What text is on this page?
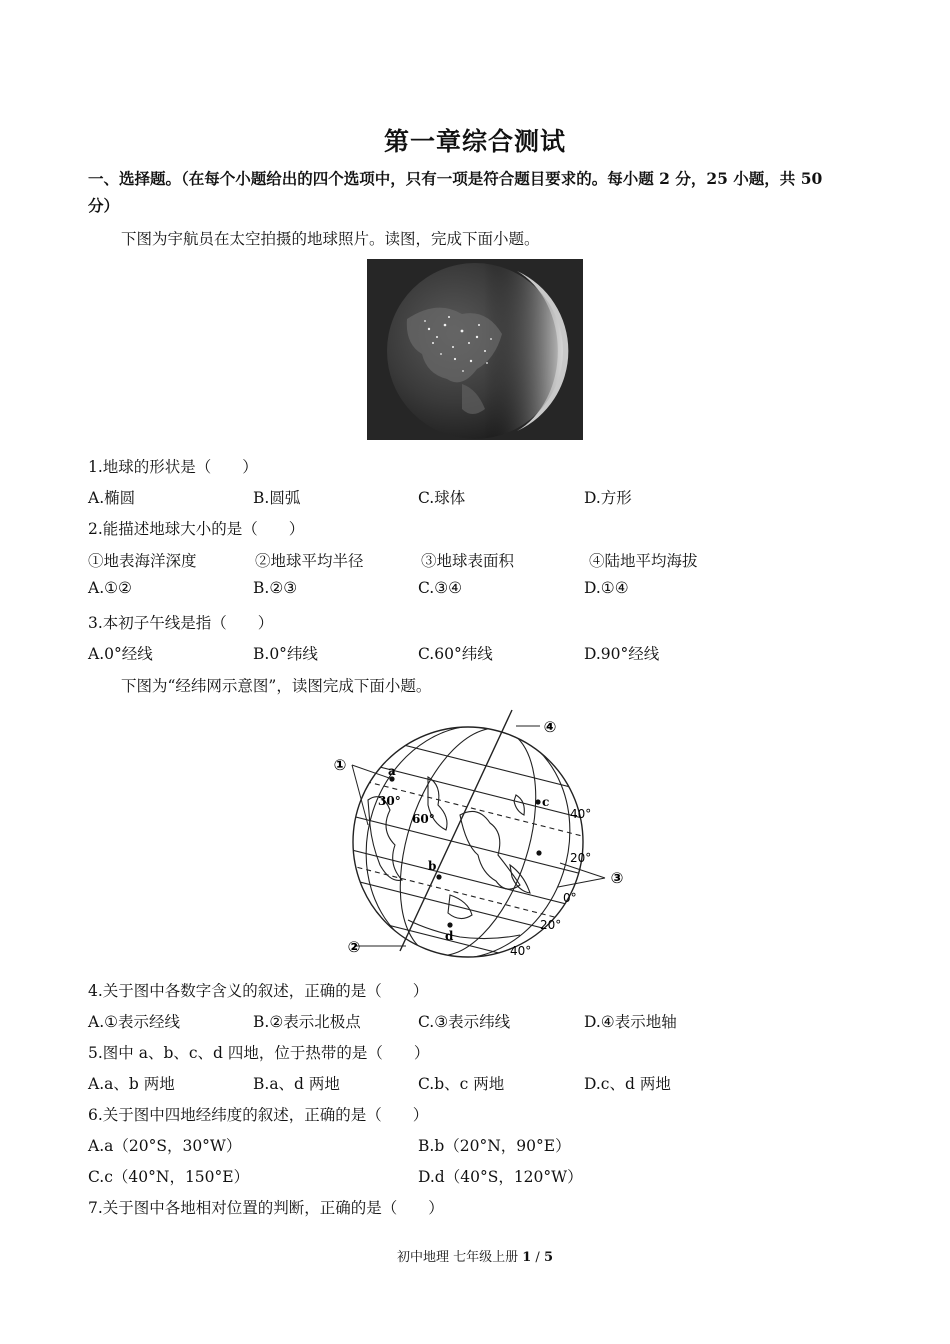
第一章综合测试
一、选择题。（在每个小题给出的四个选项中，只有一项是符合题目要求的。每小题 2 分，25 小题，共 50
分）
下图为宇航员在太空拍摄的地球照片。读图，完成下面小题。
1.地球的形状是（　　）
A.椭圆	B.圆弧	C.球体	D.方形
2.能描述地球大小的是（　　）
①地表海洋深度	②地球平均半径	③地球表面积	④陆地平均海拔
A.①②	B.②③	C.③④	D.①④
3.本初子午线是指（　　）
A.0°经线	B.0°纬线	C.60°纬线	D.90°经线
下图为“经纬网示意图”，读图完成下面小题。
①
②
③
④
a
c
b
d
30°
60°	40°
20°
0°
20°
40°
4.关于图中各数字含义的叙述，正确的是（　　）
A.①表示经线	B.②表示北极点	C.③表示纬线	D.④表示地轴
5.图中 a、b、c、d 四地，位于热带的是（　　）
A.a、b 两地	B.a、d 两地	C.b、c 两地	D.c、d 两地
6.关于图中四地经纬度的叙述，正确的是（　　）
A.a（20°S，30°W）	B.b（20°N，90°E）
C.c（40°N，150°E）	D.d（40°S，120°W）
7.关于图中各地相对位置的判断，正确的是（　　）
初中地理 七年级上册 1 / 5
